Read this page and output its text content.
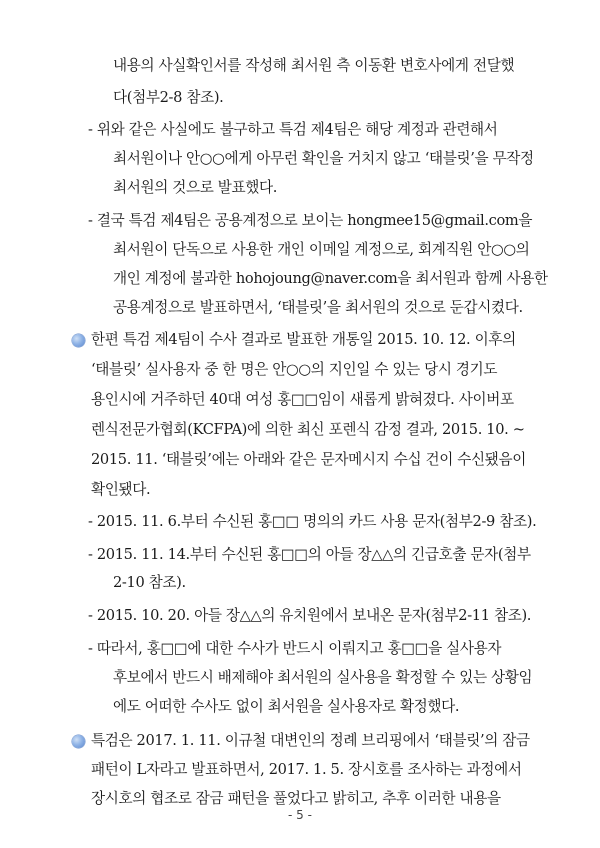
내용의 사실확인서를 작성해 최서원 측 이동환 변호사에게 전달했
다(첨부2-8 참조).
- 위와 같은 사실에도 불구하고 특검 제4팀은 해당 계정과 관련해서
최서원이나 안○○에게 아무런 확인을 거치지 않고 ‘태블릿’을 무작정
최서원의 것으로 발표했다.
- 결국 특검 제4팀은 공용계정으로 보이는 hongmee15@gmail.com을
최서원이 단독으로 사용한 개인 이메일 계정으로, 회계직원 안○○의
개인 계정에 불과한 hohojoung@naver.com을 최서원과 함께 사용한
공용계정으로 발표하면서, ‘태블릿’을 최서원의 것으로 둔갑시켰다.
한편 특검 제4팀이 수사 결과로 발표한 개통일 2015. 10. 12. 이후의
‘태블릿’ 실사용자 중 한 명은 안○○의 지인일 수 있는 당시 경기도
용인시에 거주하던 40대 여성 홍□□임이 새롭게 밝혀졌다. 사이버포
렌식전문가협회(KCFPA)에 의한 최신 포렌식 감정 결과, 2015. 10. ~
2015. 11. ‘태블릿’에는 아래와 같은 문자메시지 수십 건이 수신됐음이
확인됐다.
- 2015. 11. 6.부터 수신된 홍□□ 명의의 카드 사용 문자(첨부2-9 참조).
- 2015. 11. 14.부터 수신된 홍□□의 아들 장△△의 긴급호출 문자(첨부
2-10 참조).
- 2015. 10. 20. 아들 장△△의 유치원에서 보내온 문자(첨부2-11 참조).
- 따라서, 홍□□에 대한 수사가 반드시 이뤄지고 홍□□을 실사용자
후보에서 반드시 배제해야 최서원의 실사용을 확정할 수 있는 상황임
에도 어떠한 수사도 없이 최서원을 실사용자로 확정했다.
특검은 2017. 1. 11. 이규철 대변인의 정례 브리핑에서 ‘태블릿’의 잠금
패턴이 L자라고 발표하면서, 2017. 1. 5. 장시호를 조사하는 과정에서
장시호의 협조로 잠금 패턴을 풀었다고 밝히고, 추후 이러한 내용을
- 5 -
